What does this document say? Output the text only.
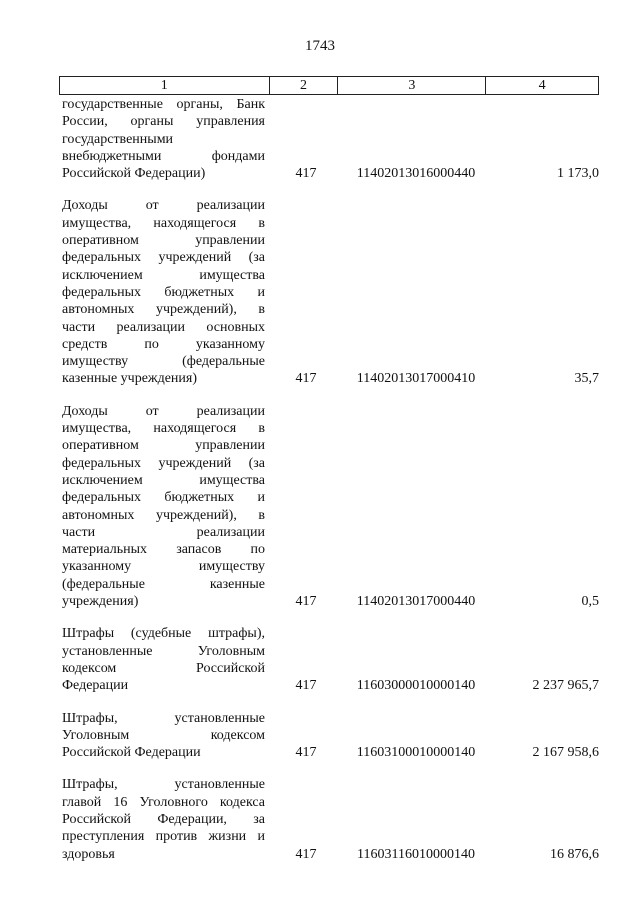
1743
1	2	3	4
государственные органы, Банк
России, органы управления
государственными
внебюджетными фондами
Российской Федерации)	417	11402013016000440	1 173,0
Доходы от реализации
имущества, находящегося в
оперативном управлении
федеральных учреждений (за
исключением имущества
федеральных бюджетных и
автономных учреждений), в
части реализации основных
средств по указанному
имуществу (федеральные
казенные учреждения)	417	11402013017000410	35,7
Доходы от реализации
имущества, находящегося в
оперативном управлении
федеральных учреждений (за
исключением имущества
федеральных бюджетных и
автономных учреждений), в
части реализации
материальных запасов по
указанному имуществу
(федеральные казенные
учреждения)	417	11402013017000440	0,5
Штрафы (судебные штрафы),
установленные Уголовным
кодексом Российской
Федерации	417	11603000010000140	2 237 965,7
Штрафы, установленные
Уголовным кодексом
Российской Федерации	417	11603100010000140	2 167 958,6
Штрафы, установленные
главой 16 Уголовного кодекса
Российской Федерации, за
преступления против жизни и
здоровья	417	11603116010000140	16 876,6
